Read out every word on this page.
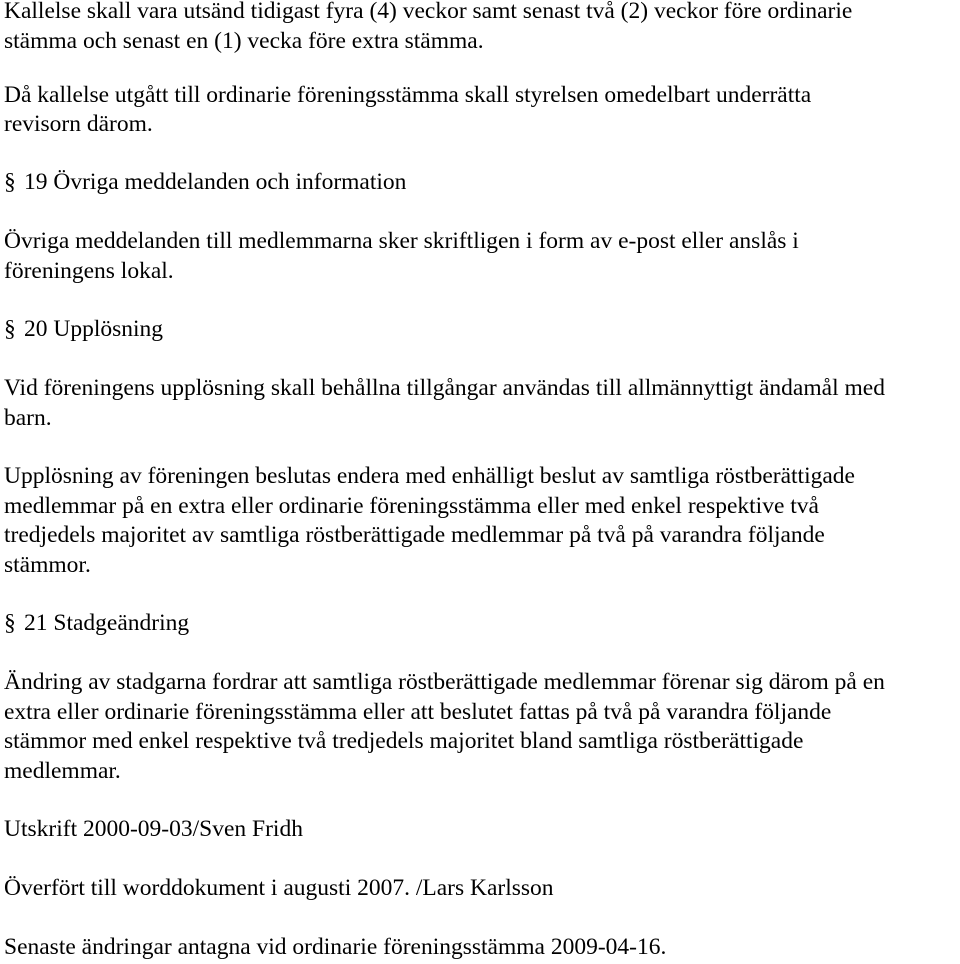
Kallelse skall vara utsänd tidigast fyra (4) veckor samt senast två (2) veckor före ordinarie
stämma och senast en (1) vecka före extra stämma.
Då kallelse utgått till ordinarie föreningsstämma skall styrelsen omedelbart underrätta
revisorn därom.
§ 19 Övriga meddelanden och information
Övriga meddelanden till medlemmarna sker skriftligen i form av e-post eller anslås i
föreningens lokal.
§ 20 Upplösning
Vid föreningens upplösning skall behållna tillgångar användas till allmännyttigt ändamål med
barn.
Upplösning av föreningen beslutas endera med enhälligt beslut av samtliga röstberättigade
medlemmar på en extra eller ordinarie föreningsstämma eller med enkel respektive två
tredjedels majoritet av samtliga röstberättigade medlemmar på två på varandra följande
stämmor.
§ 21 Stadgeändring
Ändring av stadgarna fordrar att samtliga röstberättigade medlemmar förenar sig därom på en
extra eller ordinarie föreningsstämma eller att beslutet fattas på två på varandra följande
stämmor med enkel respektive två tredjedels majoritet bland samtliga röstberättigade
medlemmar.
Utskrift 2000-09-03/Sven Fridh
Överfört till worddokument i augusti 2007. /Lars Karlsson
Senaste ändringar antagna vid ordinarie föreningsstämma 2009-04-16.
